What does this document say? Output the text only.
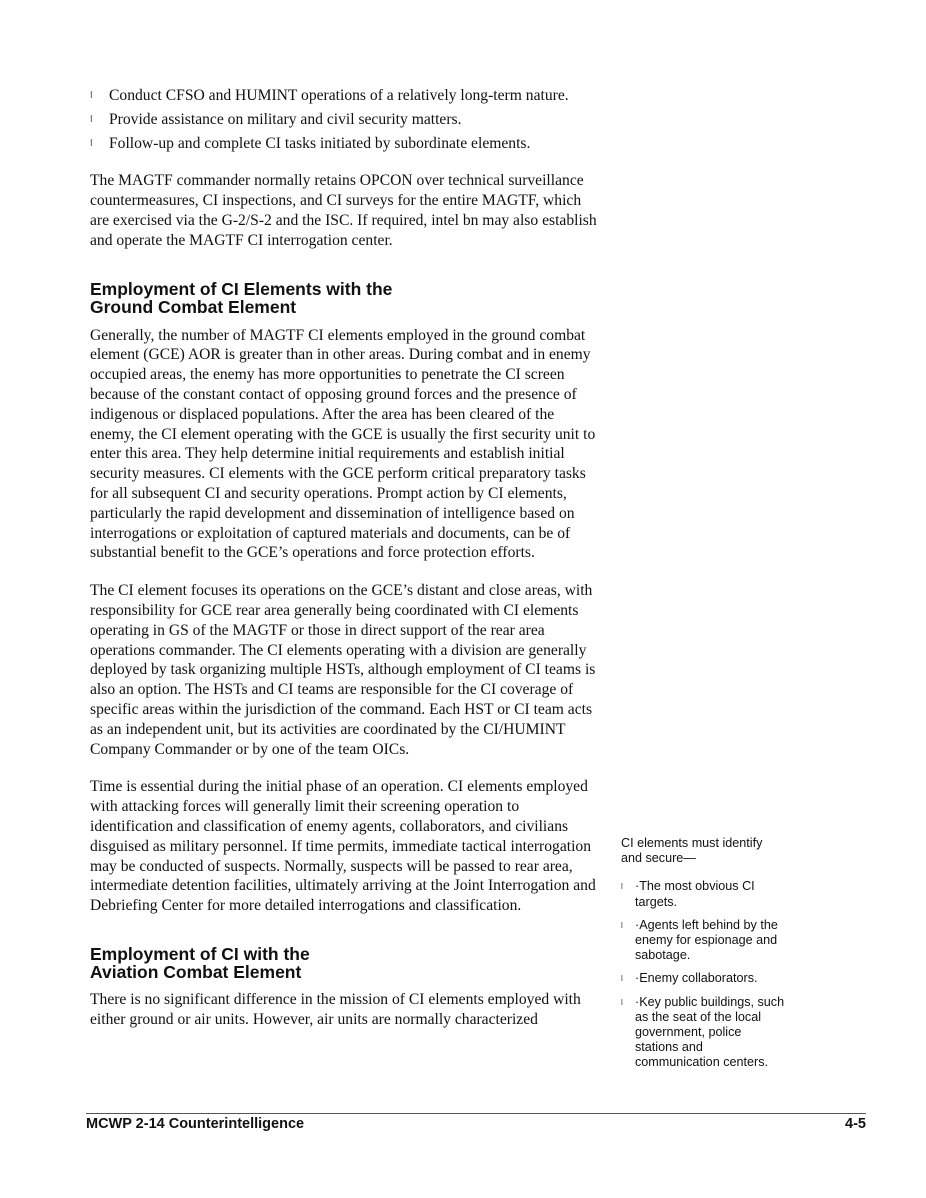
l Conduct CFSO and HUMINT operations of a relatively long-term nature.
l Provide assistance on military and civil security matters.
l Follow-up and complete CI tasks initiated by subordinate elements.

The MAGTF commander normally retains OPCON over technical surveillance countermeasures, CI inspections, and CI surveys for the entire MAGTF, which are exercised via the G-2/S-2 and the ISC. If required, intel bn may also establish and operate the MAGTF CI interrogation center.

Employment of CI Elements with the
Ground Combat Element

Generally, the number of MAGTF CI elements employed in the ground combat element (GCE) AOR is greater than in other areas. During combat and in enemy occupied areas, the enemy has more opportunities to penetrate the CI screen because of the constant contact of opposing ground forces and the presence of indigenous or displaced populations. After the area has been cleared of the enemy, the CI element operating with the GCE is usually the first security unit to enter this area. They help determine initial requirements and establish initial security measures. CI elements with the GCE perform critical preparatory tasks for all subsequent CI and security operations. Prompt action by CI elements, particularly the rapid development and dissemination of intelligence based on interrogations or exploitation of captured materials and documents, can be of substantial benefit to the GCE’s operations and force protection efforts.

The CI element focuses its operations on the GCE’s distant and close areas, with responsibility for GCE rear area generally being coordinated with CI elements operating in GS of the MAGTF or those in direct support of the rear area operations commander. The CI elements operating with a division are generally deployed by task organizing multiple HSTs, although employment of CI teams is also an option. The HSTs and CI teams are responsible for the CI coverage of specific areas within the jurisdiction of the command. Each HST or CI team acts as an independent unit, but its activities are coordinated by the CI/HUMINT Company Commander or by one of the team OICs.

Time is essential during the initial phase of an operation. CI elements employed with attacking forces will generally limit their screening operation to identification and classification of enemy agents, collaborators, and civilians disguised as military personnel. If time permits, immediate tactical interrogation may be conducted of suspects. Normally, suspects will be passed to rear area, intermediate detention facilities, ultimately arriving at the Joint Interrogation and Debriefing Center for more detailed interrogations and classification.

Employment of CI with the
Aviation Combat Element

There is no significant difference in the mission of CI elements employed with either ground or air units. However, air units are normally characterized

CI elements must identify and secure—
l ·The most obvious CI targets.
l ·Agents left behind by the enemy for espionage and sabotage.
l ·Enemy collaborators.
l ·Key public buildings, such as the seat of the local government, police stations and communication centers.
MCWP 2-14 Counterintelligence	4-5
